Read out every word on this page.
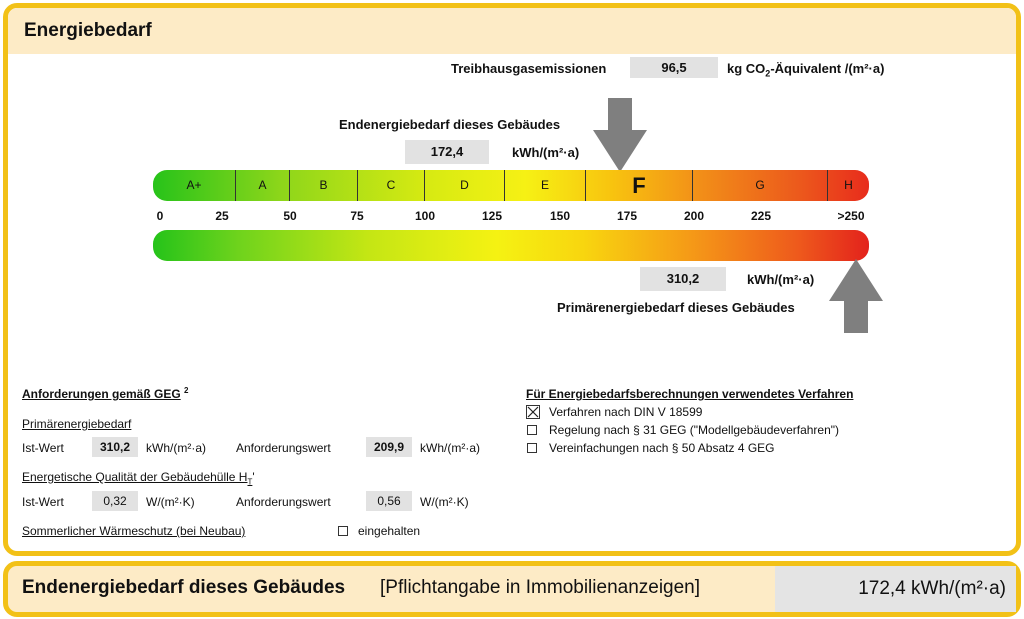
Energiebedarf
Treibhausgasemissionen	96,5	kg $CO_2$-Äquivalent /(m²·a)
Endenergiebedarf dieses Gebäudes
172,4	kWh/(m²·a)
A+	A	B	C	D	E	F	G	H
0	25	50	75	100	125	150	175	200	225	>250
310,2	kWh/(m²·a)
Primärenergiebedarf dieses Gebäudes
Anforderungen gemäß GEG $^2$
Primärenergiebedarf
Ist-Wert	310,2	kWh/(m²·a)	Anforderungswert	209,9	kWh/(m²·a)
Energetische Qualität der Gebäudehülle $H_T'$
Ist-Wert	0,32	W/(m²·K)	Anforderungswert	0,56	W/(m²·K)
Sommerlicher Wärmeschutz (bei Neubau)	eingehalten
Für Energiebedarfsberechnungen verwendetes Verfahren
Verfahren nach DIN V 18599
Regelung nach § 31 GEG ("Modellgebäudeverfahren")
Vereinfachungen nach § 50 Absatz 4 GEG
Endenergiebedarf dieses Gebäudes [Pflichtangabe in Immobilienanzeigen]	172,4 kWh/(m²·a)
